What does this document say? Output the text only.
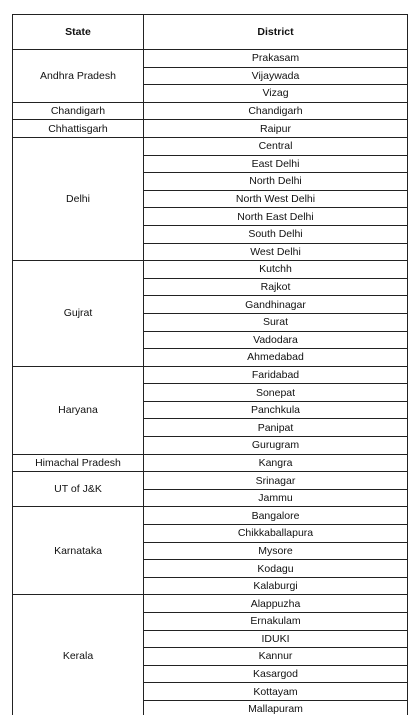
State	District
Andhra Pradesh	Prakasam
	Vijaywada
	Vizag
Chandigarh	Chandigarh
Chhattisgarh	Raipur
Delhi	Central
	East Delhi
	North Delhi
	North West Delhi
	North East Delhi
	South Delhi
	West Delhi
Gujrat	Kutchh
	Rajkot
	Gandhinagar
	Surat
	Vadodara
	Ahmedabad
Haryana	Faridabad
	Sonepat
	Panchkula
	Panipat
	Gurugram
Himachal Pradesh	Kangra
UT of J&K	Srinagar
	Jammu
Karnataka	Bangalore
	Chikkaballapura
	Mysore
	Kodagu
	Kalaburgi
Kerala	Alappuzha
	Ernakulam
	IDUKI
	Kannur
	Kasargod
	Kottayam
	Mallapuram
